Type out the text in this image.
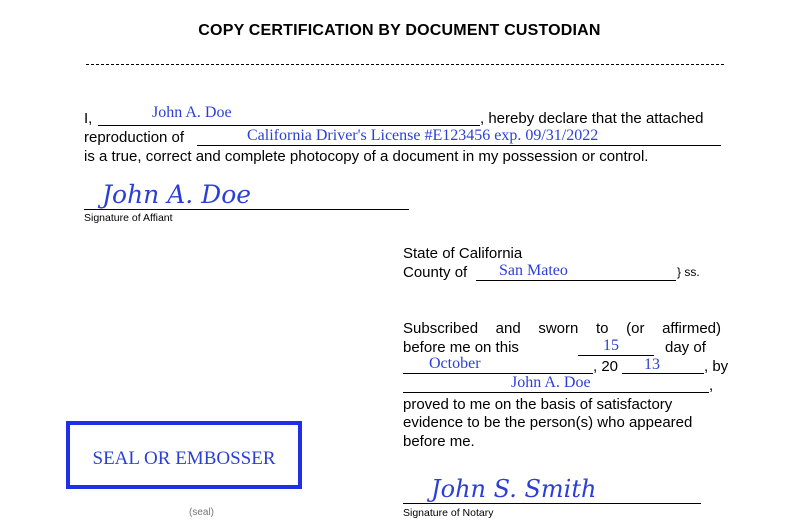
COPY CERTIFICATION BY DOCUMENT CUSTODIAN
I,	John A. Doe	, hereby declare that the attached
reproduction of	California Driver's License #E123456 exp. 09/31/2022
is a true, correct and complete photocopy of a document in my possession or control.
John A. Doe
Signature of Affiant
State of California
County of San Mateo	} ss.
Subscribed and sworn to (or affirmed)
before me on this	15	day of
October	, 20 13	, by
John A. Doe	,
proved to me on the basis of satisfactory
evidence to be the person(s) who appeared
before me.
SEAL OR EMBOSSER
(seal)
John S. Smith
Signature of Notary
